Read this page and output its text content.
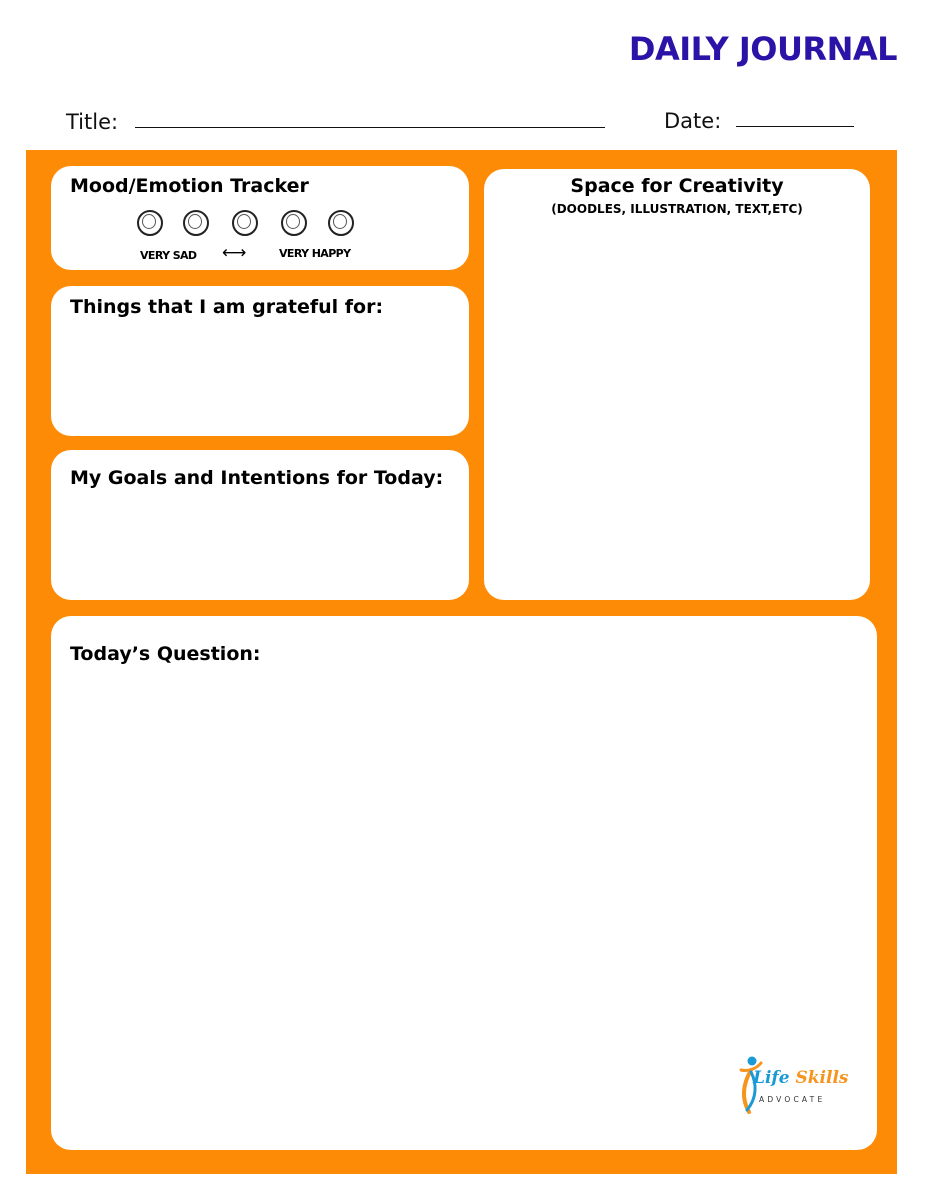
DAILY JOURNAL
Title:	Date:
Mood/Emotion Tracker
VERY SAD ⟷	VERY HAPPY
Things that I am grateful for:
My Goals and Intentions for Today:
Space for Creativity
(DOODLES, ILLUSTRATION, TEXT,ETC)
Today’s Question:
Life Skills
ADVOCATE
